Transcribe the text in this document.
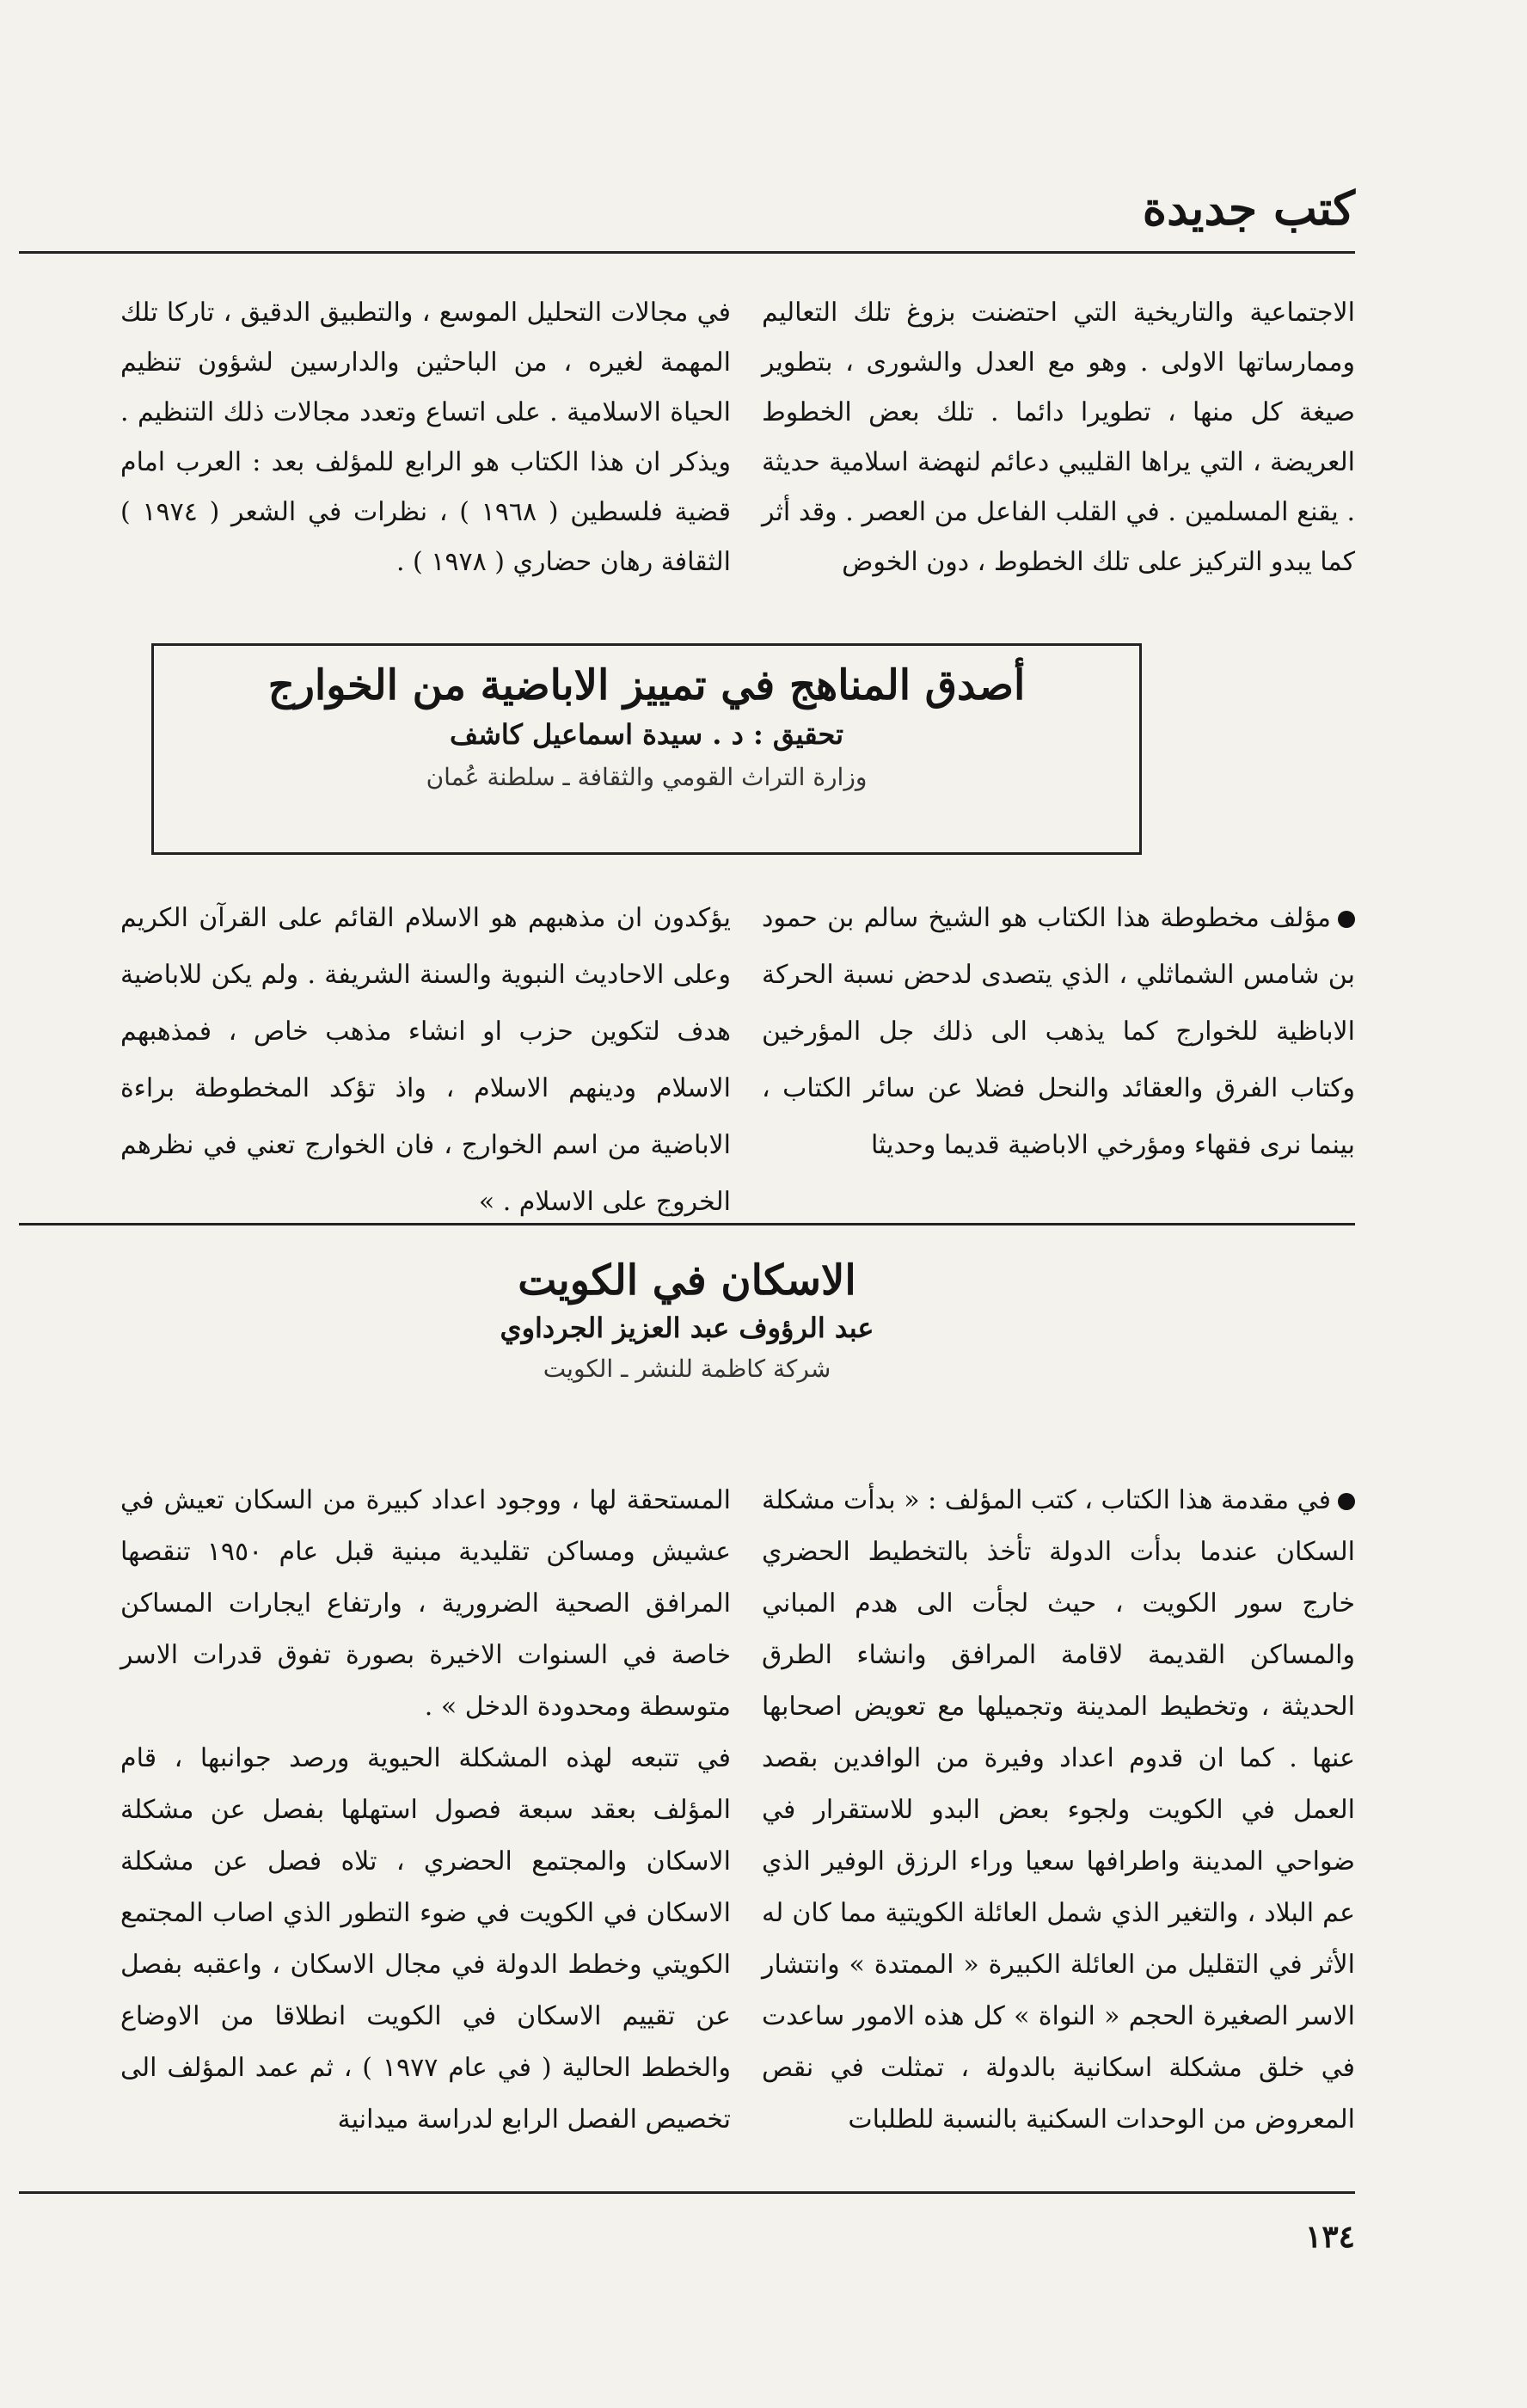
كتب جديدة

الاجتماعية والتاريخية التي احتضنت بزوغ تلك التعاليم وممارساتها الاولى . وهو مع العدل والشورى ، بتطوير صيغة كل منها ، تطويرا دائما . تلك بعض الخطوط العريضة ، التي يراها القليبي دعائم لنهضة اسلامية حديثة . يقنع المسلمين . في القلب الفاعل من العصر . وقد أثر كما يبدو التركيز على تلك الخطوط ، دون الخوض

في مجالات التحليل الموسع ، والتطبيق الدقيق ، تاركا تلك المهمة لغيره ، من الباحثين والدارسين لشؤون تنظيم الحياة الاسلامية . على اتساع وتعدد مجالات ذلك التنظيم . ويذكر ان هذا الكتاب هو الرابع للمؤلف بعد : العرب امام قضية فلسطين ( ١٩٦٨ ) ، نظرات في الشعر ( ١٩٧٤ ) الثقافة رهان حضاري ( ١٩٧٨ ) .

أصدق المناهج في تمييز الاباضية من الخوارج

تحقيق : د . سيدة اسماعيل كاشف

وزارة التراث القومي والثقافة ـ سلطنة عُمان

مؤلف مخطوطة هذا الكتاب هو الشيخ سالم بن حمود بن شامس الشماثلي ، الذي يتصدى لدحض نسبة الحركة الاباظية للخوارج كما يذهب الى ذلك جل المؤرخين وكتاب الفرق والعقائد والنحل فضلا عن سائر الكتاب ، بينما نرى فقهاء ومؤرخي الاباضية قديما وحديثا

يؤكدون ان مذهبهم هو الاسلام القائم على القرآن الكريم وعلى الاحاديث النبوية والسنة الشريفة . ولم يكن للاباضية هدف لتكوين حزب او انشاء مذهب خاص ، فمذهبهم الاسلام ودينهم الاسلام ، واذ تؤكد المخطوطة براءة الاباضية من اسم الخوارج ، فان الخوارج تعني في نظرهم الخروج على الاسلام . »

الاسكان في الكويت

عبد الرؤوف عبد العزيز الجرداوي

شركة كاظمة للنشر ـ الكويت

في مقدمة هذا الكتاب ، كتب المؤلف : « بدأت مشكلة السكان عندما بدأت الدولة تأخذ بالتخطيط الحضري خارج سور الكويت ، حيث لجأت الى هدم المباني والمساكن القديمة لاقامة المرافق وانشاء الطرق الحديثة ، وتخطيط المدينة وتجميلها مع تعويض اصحابها عنها . كما ان قدوم اعداد وفيرة من الوافدين بقصد العمل في الكويت ولجوء بعض البدو للاستقرار في ضواحي المدينة واطرافها سعيا وراء الرزق الوفير الذي عم البلاد ، والتغير الذي شمل العائلة الكويتية مما كان له الأثر في التقليل من العائلة الكبيرة « الممتدة » وانتشار الاسر الصغيرة الحجم « النواة » كل هذه الامور ساعدت في خلق مشكلة اسكانية بالدولة ، تمثلت في نقص المعروض من الوحدات السكنية بالنسبة للطلبات

المستحقة لها ، ووجود اعداد كبيرة من السكان تعيش في عشيش ومساكن تقليدية مبنية قبل عام ١٩٥٠ تنقصها المرافق الصحية الضرورية ، وارتفاع ايجارات المساكن خاصة في السنوات الاخيرة بصورة تفوق قدرات الاسر متوسطة ومحدودة الدخل » .

في تتبعه لهذه المشكلة الحيوية ورصد جوانبها ، قام المؤلف بعقد سبعة فصول استهلها بفصل عن مشكلة الاسكان والمجتمع الحضري ، تلاه فصل عن مشكلة الاسكان في الكويت في ضوء التطور الذي اصاب المجتمع الكويتي وخطط الدولة في مجال الاسكان ، واعقبه بفصل عن تقييم الاسكان في الكويت انطلاقا من الاوضاع والخطط الحالية ( في عام ١٩٧٧ ) ، ثم عمد المؤلف الى تخصيص الفصل الرابع لدراسة ميدانية

١٣٤
